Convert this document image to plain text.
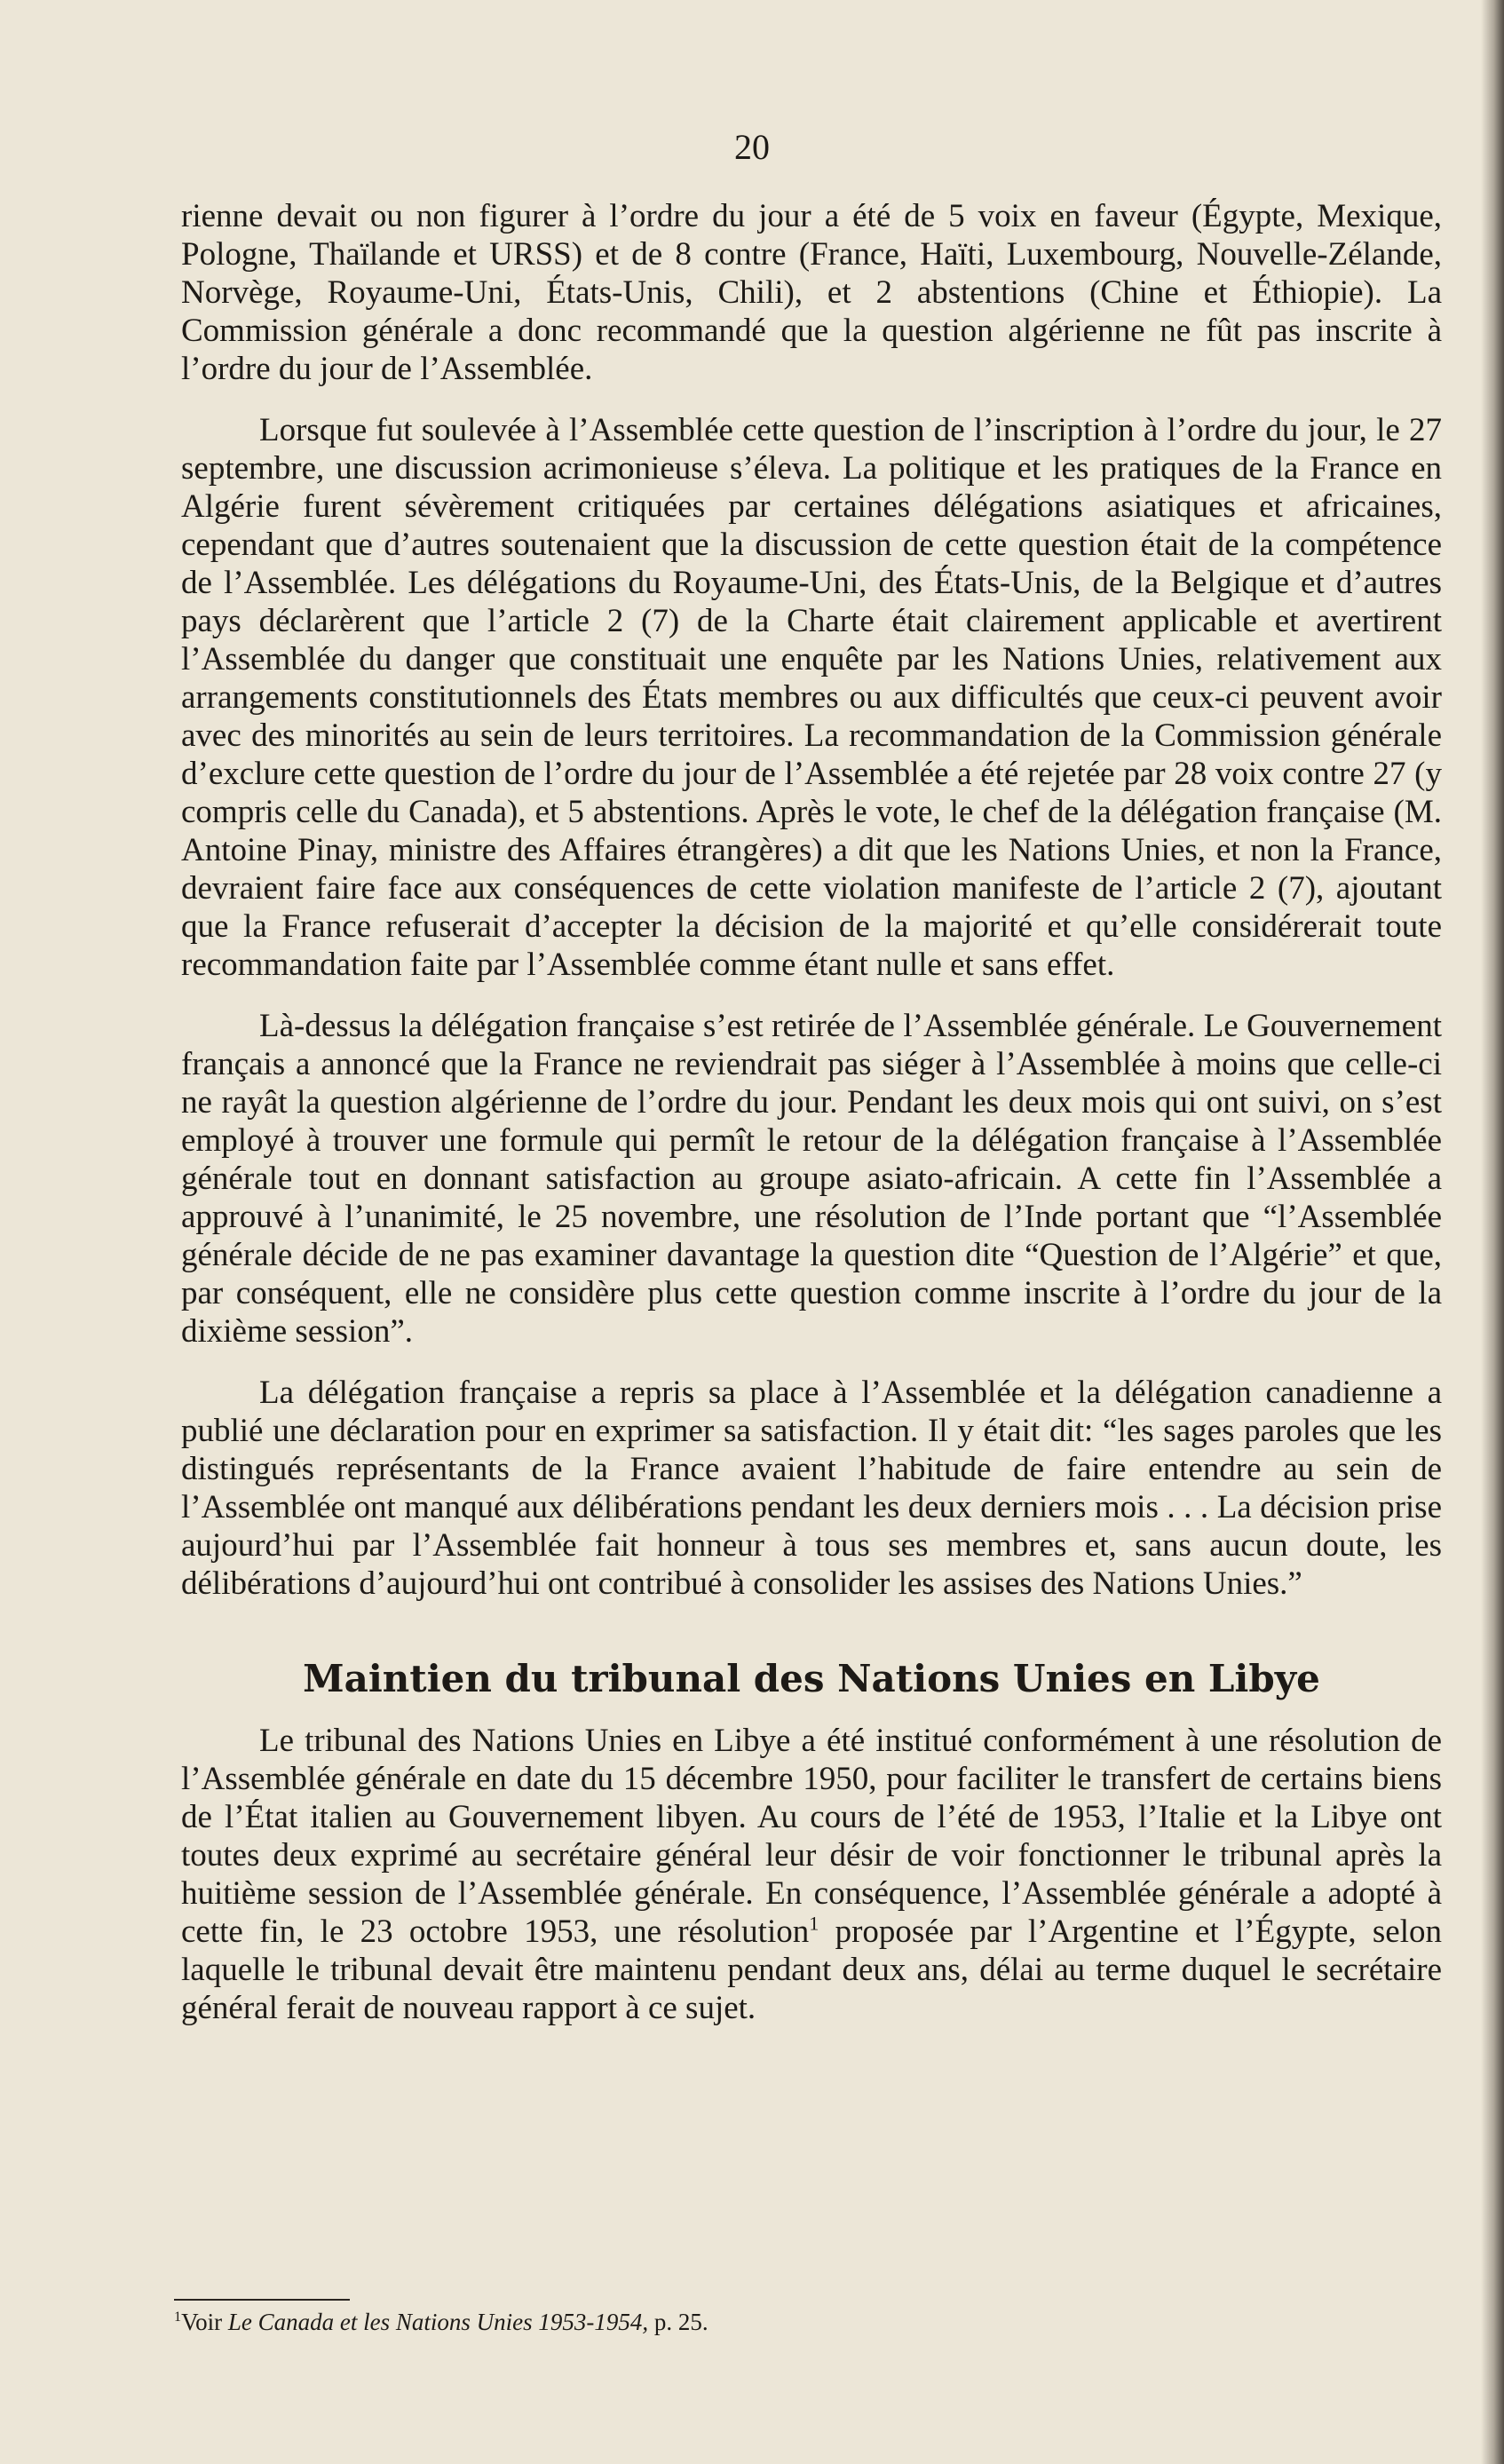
20

rienne devait ou non figurer à l’ordre du jour a été de 5 voix en faveur (Égypte, Mexique, Pologne, Thaïlande et URSS) et de 8 contre (France, Haïti, Luxembourg, Nouvelle-Zélande, Norvège, Royaume-Uni, États-Unis, Chili), et 2 abstentions (Chine et Éthiopie). La Commission générale a donc recommandé que la question algérienne ne fût pas inscrite à l’ordre du jour de l’Assemblée.

Lorsque fut soulevée à l’Assemblée cette question de l’inscription à l’ordre du jour, le 27 septembre, une discussion acrimonieuse s’éleva. La politique et les pratiques de la France en Algérie furent sévèrement critiquées par certaines délégations asiatiques et africaines, cependant que d’autres soutenaient que la discussion de cette question était de la compétence de l’Assemblée. Les délégations du Royaume-Uni, des États-Unis, de la Belgique et d’autres pays déclarèrent que l’article 2 (7) de la Charte était clairement applicable et avertirent l’Assemblée du danger que constituait une enquête par les Nations Unies, relativement aux arrangements constitutionnels des États membres ou aux difficultés que ceux-ci peuvent avoir avec des minorités au sein de leurs territoires. La recommandation de la Commission générale d’exclure cette question de l’ordre du jour de l’Assemblée a été rejetée par 28 voix contre 27 (y compris celle du Canada), et 5 abstentions. Après le vote, le chef de la délégation française (M. Antoine Pinay, ministre des Affaires étrangères) a dit que les Nations Unies, et non la France, devraient faire face aux conséquences de cette violation manifeste de l’article 2 (7), ajoutant que la France refuserait d’accepter la décision de la majorité et qu’elle considérerait toute recommandation faite par l’Assemblée comme étant nulle et sans effet.

Là-dessus la délégation française s’est retirée de l’Assemblée générale. Le Gouvernement français a annoncé que la France ne reviendrait pas siéger à l’Assemblée à moins que celle-ci ne rayât la question algérienne de l’ordre du jour. Pendant les deux mois qui ont suivi, on s’est employé à trouver une formule qui permît le retour de la délégation française à l’Assemblée générale tout en donnant satisfaction au groupe asiato-africain. A cette fin l’Assemblée a approuvé à l’unanimité, le 25 novembre, une résolution de l’Inde portant que “l’Assemblée générale décide de ne pas examiner davantage la question dite “Question de l’Algérie” et que, par conséquent, elle ne considère plus cette question comme inscrite à l’ordre du jour de la dixième session”.

La délégation française a repris sa place à l’Assemblée et la délégation canadienne a publié une déclaration pour en exprimer sa satisfaction. Il y était dit: “les sages paroles que les distingués représentants de la France avaient l’habitude de faire entendre au sein de l’Assemblée ont manqué aux délibérations pendant les deux derniers mois . . . La décision prise aujourd’hui par l’Assemblée fait honneur à tous ses membres et, sans aucun doute, les délibérations d’aujourd’hui ont contribué à consolider les assises des Nations Unies.”

Maintien du tribunal des Nations Unies en Libye

Le tribunal des Nations Unies en Libye a été institué conformément à une résolution de l’Assemblée générale en date du 15 décembre 1950, pour faciliter le transfert de certains biens de l’État italien au Gouvernement libyen. Au cours de l’été de 1953, l’Italie et la Libye ont toutes deux exprimé au secrétaire général leur désir de voir fonctionner le tribunal après la huitième session de l’Assemblée générale. En conséquence, l’Assemblée générale a adopté à cette fin, le 23 octobre 1953, une résolution$^1$ proposée par l’Argentine et l’Égypte, selon laquelle le tribunal devait être maintenu pendant deux ans, délai au terme duquel le secrétaire général ferait de nouveau rapport à ce sujet.

$^1$Voir Le Canada et les Nations Unies 1953-1954, p. 25.
